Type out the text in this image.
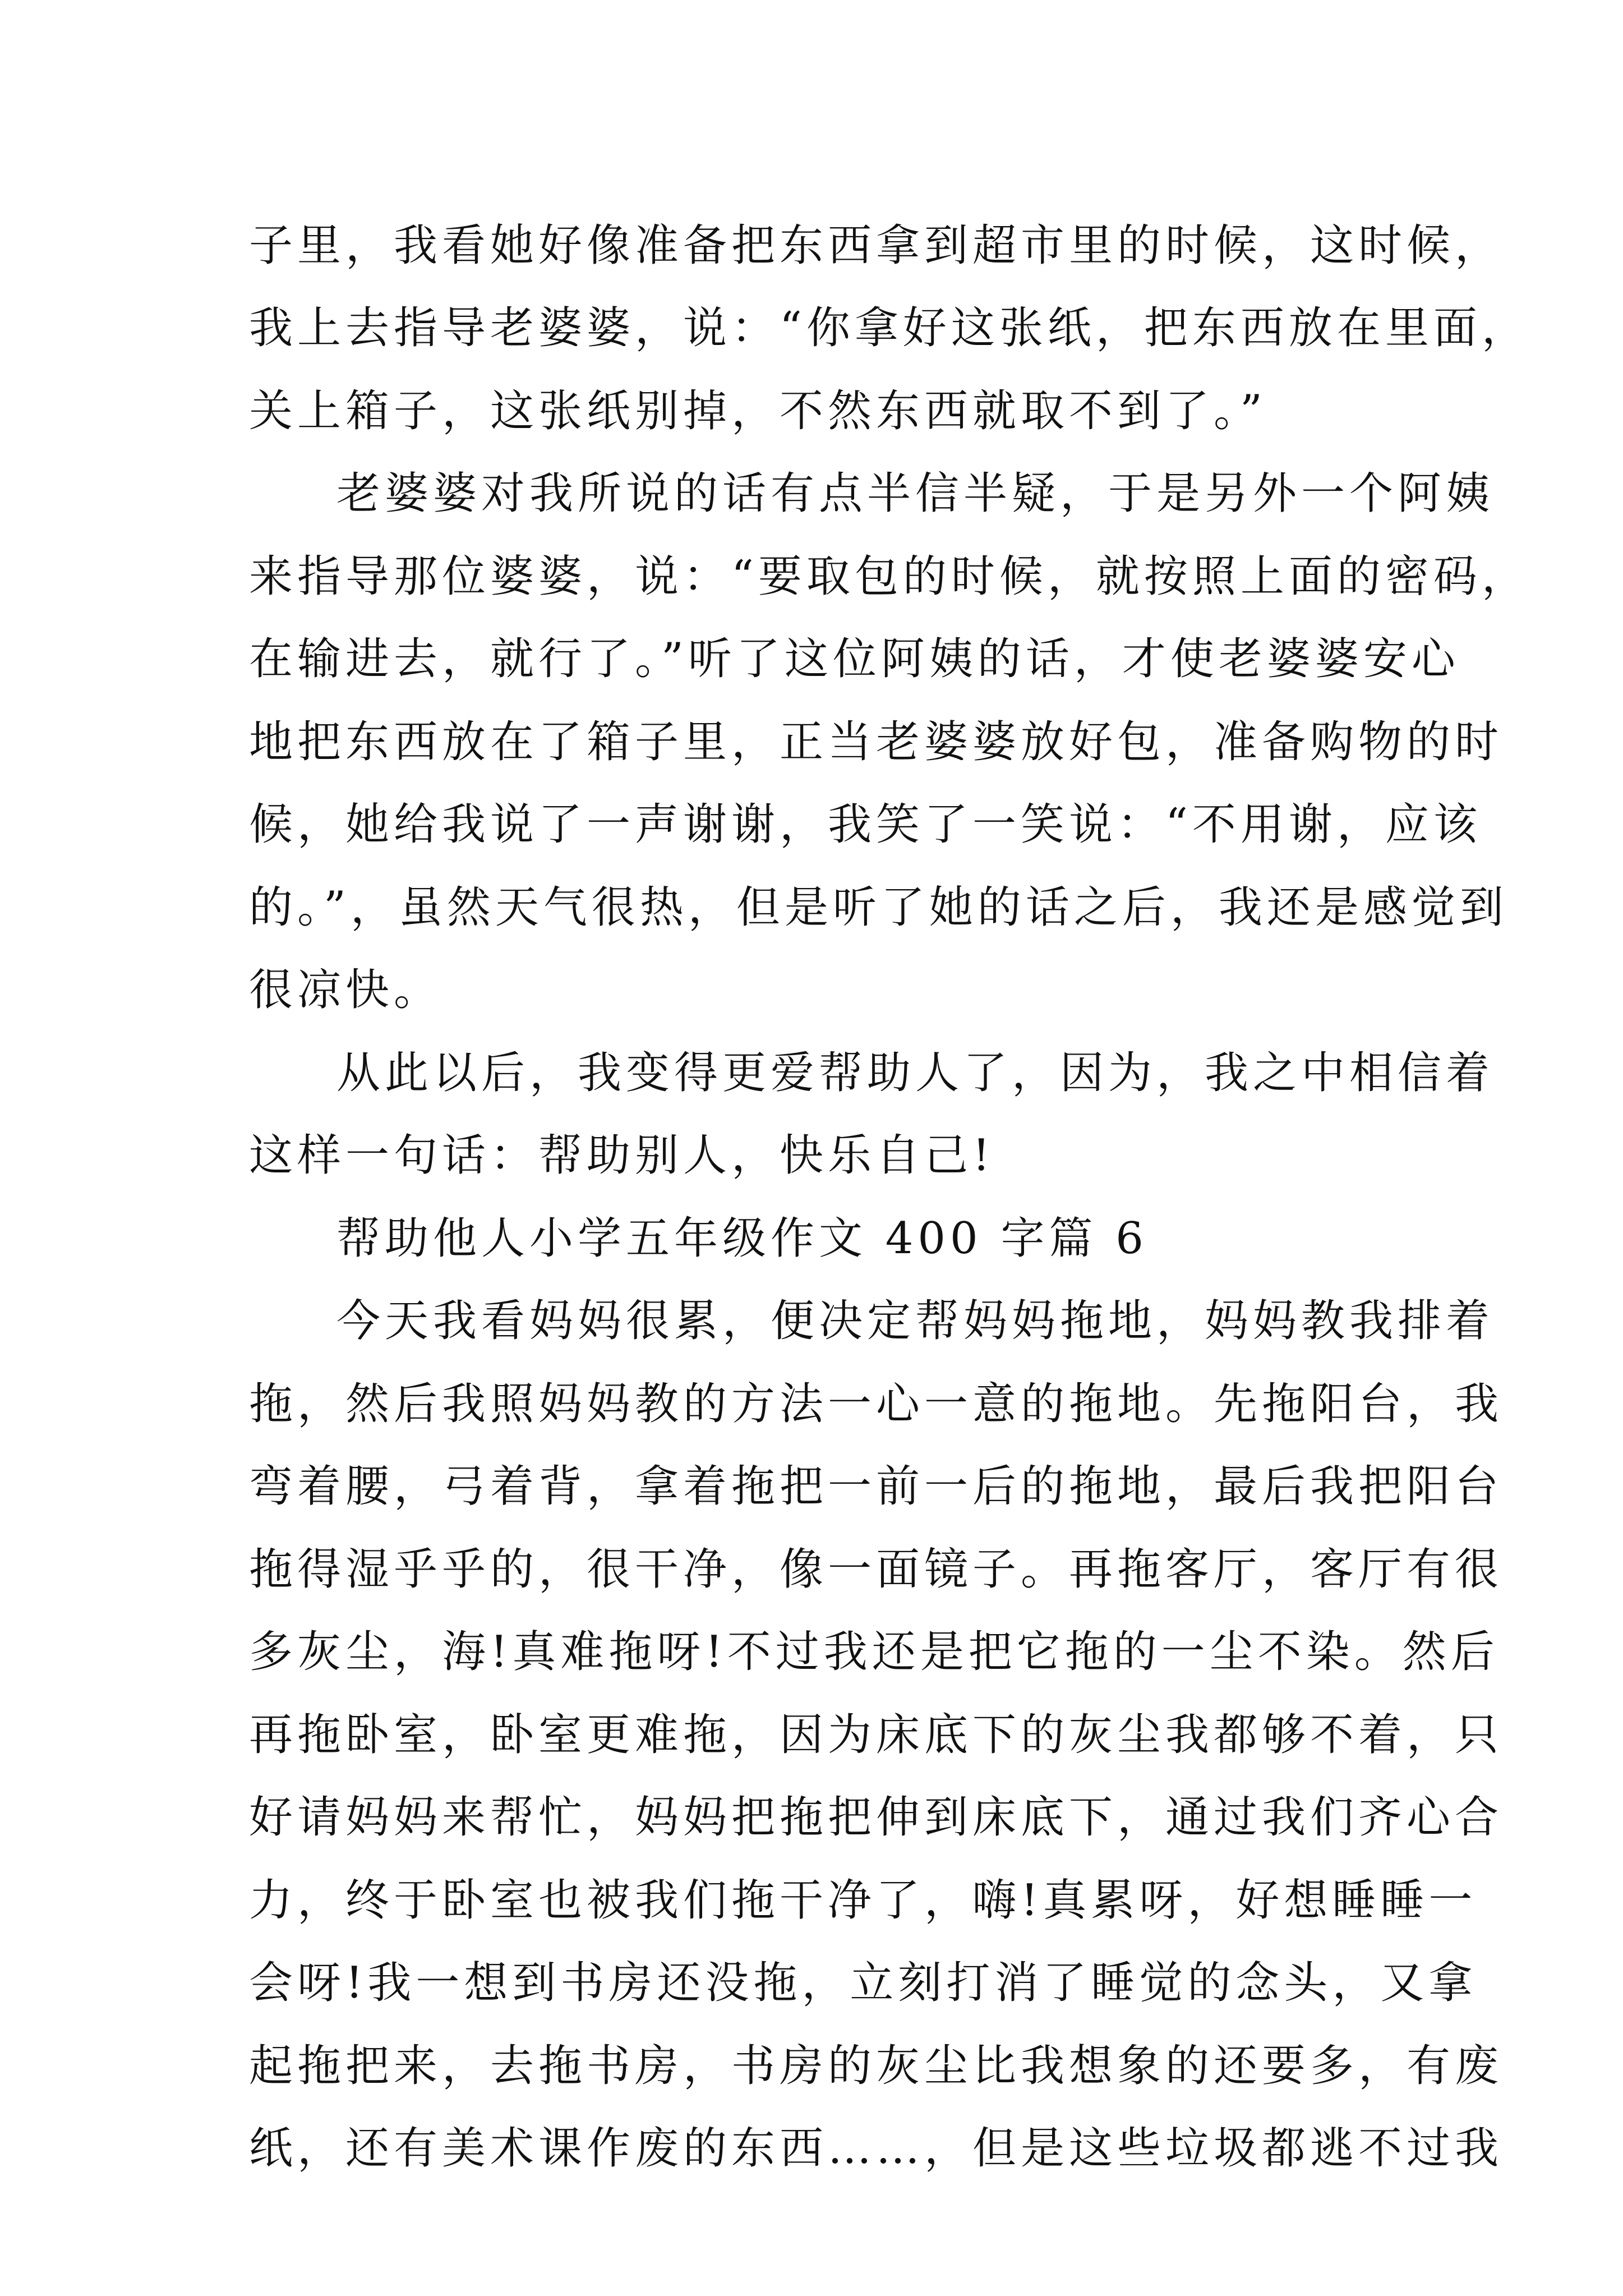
子里，我看她好像准备把东西拿到超市里的时候，这时候，
我上去指导老婆婆，说：“你拿好这张纸，把东西放在里面，
关上箱子，这张纸别掉，不然东西就取不到了。”
老婆婆对我所说的话有点半信半疑，于是另外一个阿姨
来指导那位婆婆，说：“要取包的时候，就按照上面的密码，
在输进去，就行了。”听了这位阿姨的话，才使老婆婆安心
地把东西放在了箱子里，正当老婆婆放好包，准备购物的时
候，她给我说了一声谢谢，我笑了一笑说：“不用谢，应该
的。”，虽然天气很热，但是听了她的话之后，我还是感觉到
很凉快。
从此以后，我变得更爱帮助人了，因为，我之中相信着
这样一句话：帮助别人，快乐自己!
帮助他人小学五年级作文 400 字篇 6
今天我看妈妈很累，便决定帮妈妈拖地，妈妈教我排着
拖，然后我照妈妈教的方法一心一意的拖地。先拖阳台，我
弯着腰，弓着背，拿着拖把一前一后的拖地，最后我把阳台
拖得湿乎乎的，很干净，像一面镜子。再拖客厅，客厅有很
多灰尘，海!真难拖呀!不过我还是把它拖的一尘不染。然后
再拖卧室，卧室更难拖，因为床底下的灰尘我都够不着，只
好请妈妈来帮忙，妈妈把拖把伸到床底下，通过我们齐心合
力，终于卧室也被我们拖干净了，嗨!真累呀，好想睡睡一
会呀!我一想到书房还没拖，立刻打消了睡觉的念头，又拿
起拖把来，去拖书房，书房的灰尘比我想象的还要多，有废
纸，还有美术课作废的东西……，但是这些垃圾都逃不过我
